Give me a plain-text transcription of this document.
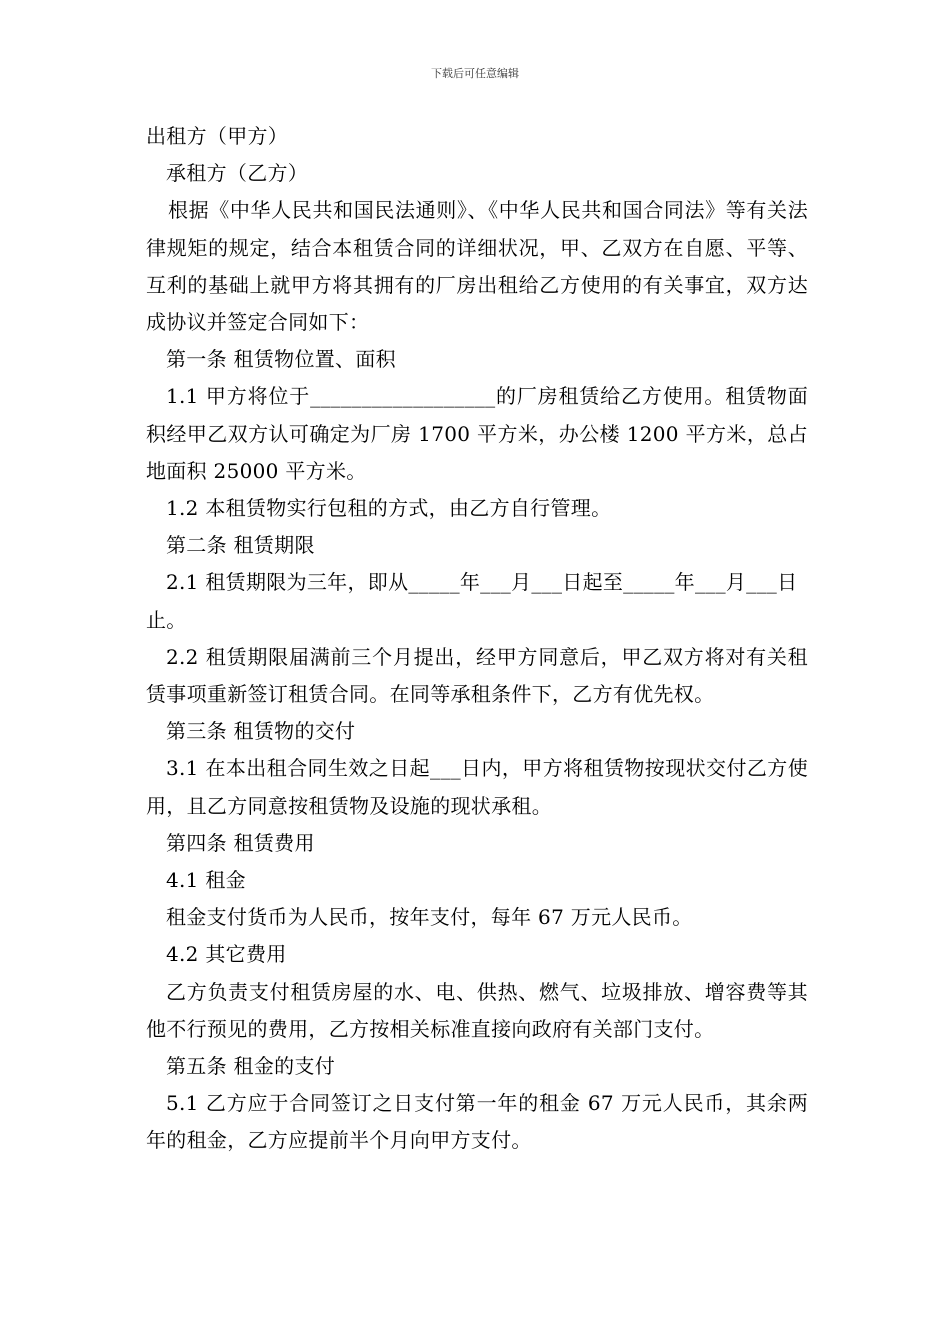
下载后可任意编辑

出租方（甲方）

承租方（乙方）

根据《中华人民共和国民法通则》、《中华人民共和国合同法》等有关法律规矩的规定，结合本租赁合同的详细状况，甲、乙双方在自愿、平等、互利的基础上就甲方将其拥有的厂房出租给乙方使用的有关事宜，双方达成协议并签定合同如下：

第一条 租赁物位置、面积

1.1 甲方将位于__________________的厂房租赁给乙方使用。租赁物面积经甲乙双方认可确定为厂房 1700 平方米，办公楼 1200 平方米，总占地面积 25000 平方米。

1.2 本租赁物实行包租的方式，由乙方自行管理。

第二条 租赁期限

2.1 租赁期限为三年，即从_____年___月___日起至_____年___月___日止。

2.2 租赁期限届满前三个月提出，经甲方同意后，甲乙双方将对有关租赁事项重新签订租赁合同。在同等承租条件下，乙方有优先权。

第三条 租赁物的交付

3.1 在本出租合同生效之日起___日内，甲方将租赁物按现状交付乙方使用，且乙方同意按租赁物及设施的现状承租。

第四条 租赁费用

4.1 租金

租金支付货币为人民币，按年支付，每年 67 万元人民币。

4.2 其它费用

乙方负责支付租赁房屋的水、电、供热、燃气、垃圾排放、增容费等其他不行预见的费用，乙方按相关标准直接向政府有关部门支付。

第五条 租金的支付

5.1 乙方应于合同签订之日支付第一年的租金 67 万元人民币，其余两年的租金，乙方应提前半个月向甲方支付。
